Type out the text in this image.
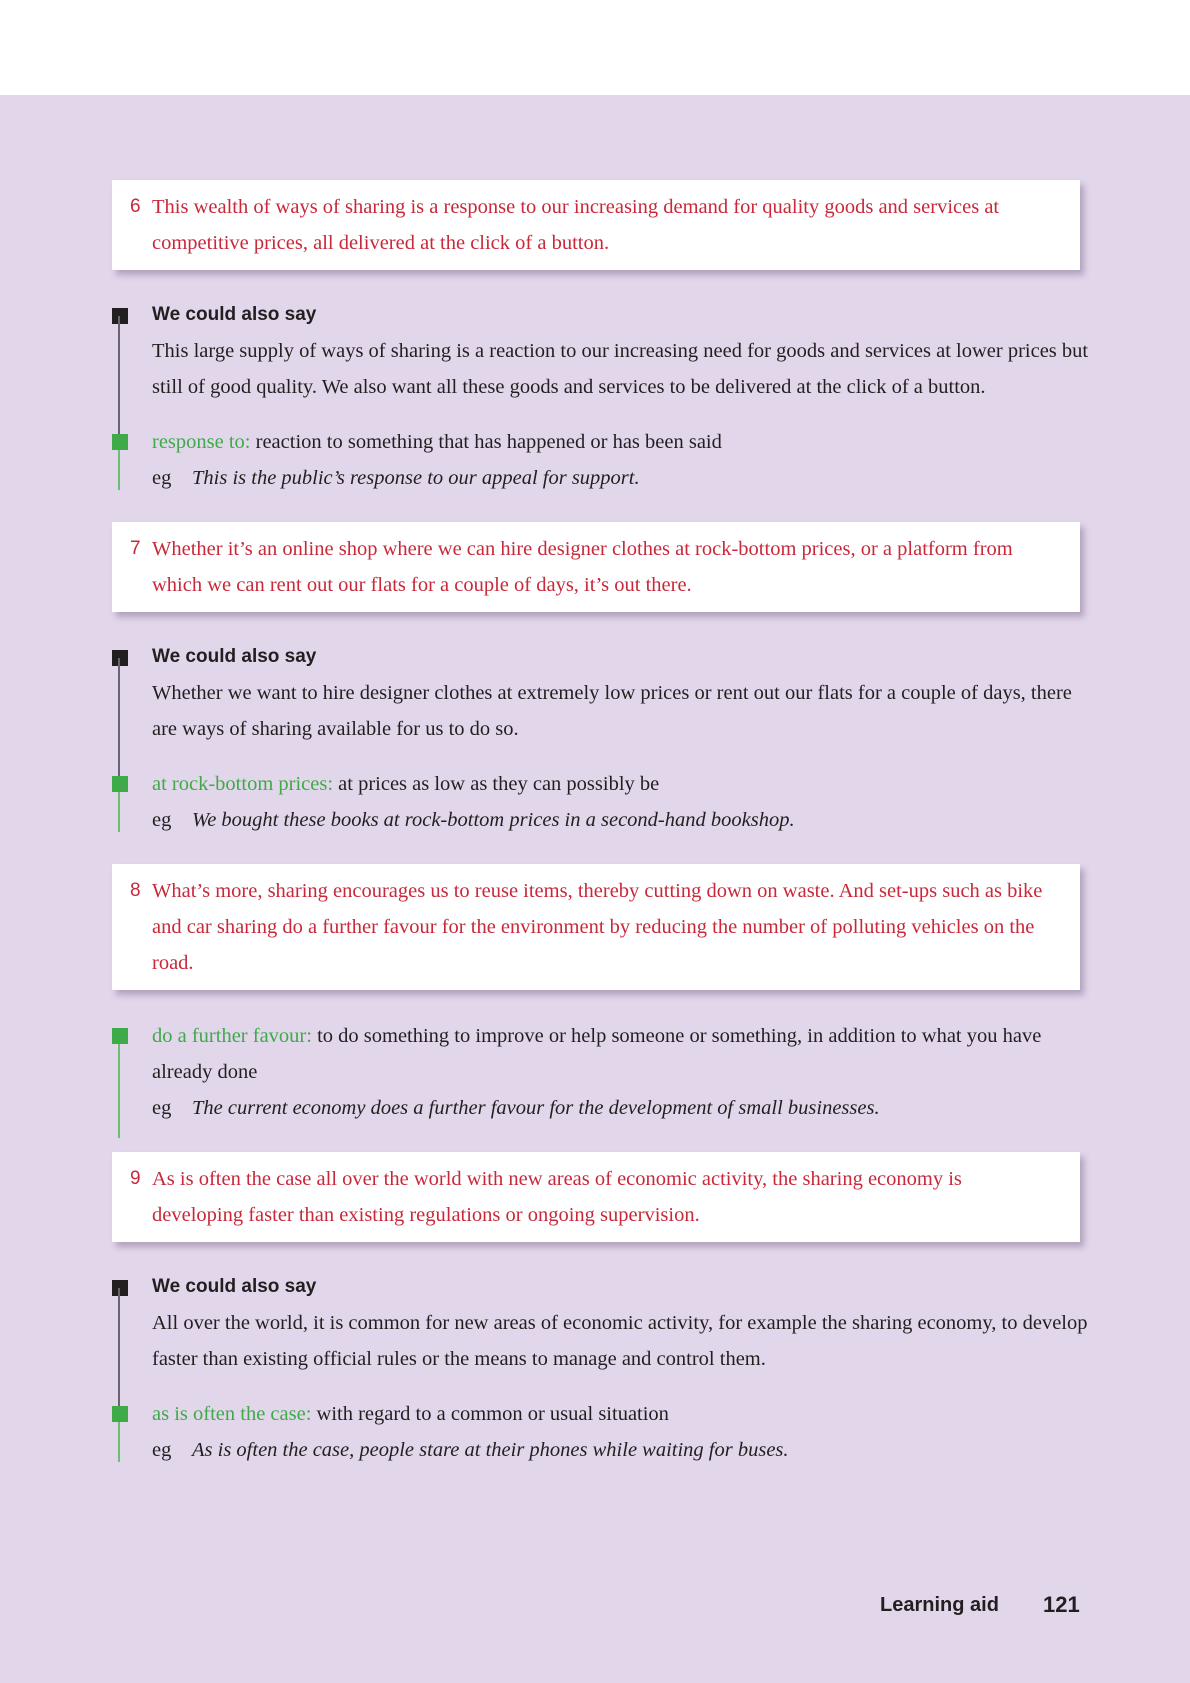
6 This wealth of ways of sharing is a response to our increasing demand for quality goods and services at competitive prices, all delivered at the click of a button.
We could also say
This large supply of ways of sharing is a reaction to our increasing need for goods and services at lower prices but still of good quality. We also want all these goods and services to be delivered at the click of a button.
response to: reaction to something that has happened or has been said
eg This is the public’s response to our appeal for support.
7 Whether it’s an online shop where we can hire designer clothes at rock-bottom prices, or a platform from which we can rent out our flats for a couple of days, it’s out there.
We could also say
Whether we want to hire designer clothes at extremely low prices or rent out our flats for a couple of days, there are ways of sharing available for us to do so.
at rock-bottom prices: at prices as low as they can possibly be
eg We bought these books at rock-bottom prices in a second-hand bookshop.
8 What’s more, sharing encourages us to reuse items, thereby cutting down on waste. And set-ups such as bike and car sharing do a further favour for the environment by reducing the number of polluting vehicles on the road.
do a further favour: to do something to improve or help someone or something, in addition to what you have already done
eg The current economy does a further favour for the development of small businesses.
9 As is often the case all over the world with new areas of economic activity, the sharing economy is developing faster than existing regulations or ongoing supervision.
We could also say
All over the world, it is common for new areas of economic activity, for example the sharing economy, to develop faster than existing official rules or the means to manage and control them.
as is often the case: with regard to a common or usual situation
eg As is often the case, people stare at their phones while waiting for buses.
Learning aid 121
